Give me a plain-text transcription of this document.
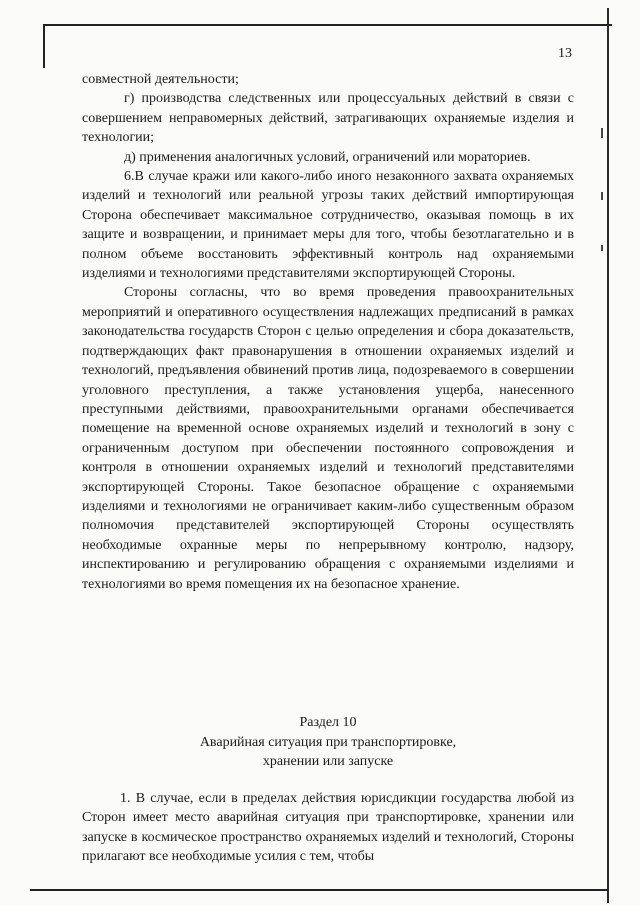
13

совместной деятельности;

г) производства следственных или процессуальных действий в связи с совершением неправомерных действий, затрагивающих охраняемые изделия и технологии;

д) применения аналогичных условий, ограничений или мораториев.

6.В случае кражи или какого-либо иного незаконного захвата охраняемых изделий и технологий или реальной угрозы таких действий импортирующая Сторона обеспечивает максимальное сотрудничество, оказывая помощь в их защите и возвращении, и принимает меры для того, чтобы безотлагательно и в полном объеме восстановить эффективный контроль над охраняемыми изделиями и технологиями представителями экспортирующей Стороны.

Стороны согласны, что во время проведения правоохранительных мероприятий и оперативного осуществления надлежащих предписаний в рамках законодательства государств Сторон с целью определения и сбора доказательств, подтверждающих факт правонарушения в отношении охраняемых изделий и технологий, предъявления обвинений против лица, подозреваемого в совершении уголовного преступления, а также установления ущерба, нанесенного преступными действиями, правоохранительными органами обеспечивается помещение на временной основе охраняемых изделий и технологий в зону с ограниченным доступом при обеспечении постоянного сопровождения и контроля в отношении охраняемых изделий и технологий представителями экспортирующей Стороны. Такое безопасное обращение с охраняемыми изделиями и технологиями не ограничивает каким-либо существенным образом полномочия представителей экспортирующей Стороны осуществлять необходимые охранные меры по непрерывному контролю, надзору, инспектированию и регулированию обращения с охраняемыми изделиями и технологиями во время помещения их на безопасное хранение.

Раздел 10
Аварийная ситуация при транспортировке,
хранении или запуске

1. В случае, если в пределах действия юрисдикции государства любой из Сторон имеет место аварийная ситуация при транспортировке, хранении или запуске в космическое пространство охраняемых изделий и технологий, Стороны прилагают все необходимые усилия с тем, чтобы
